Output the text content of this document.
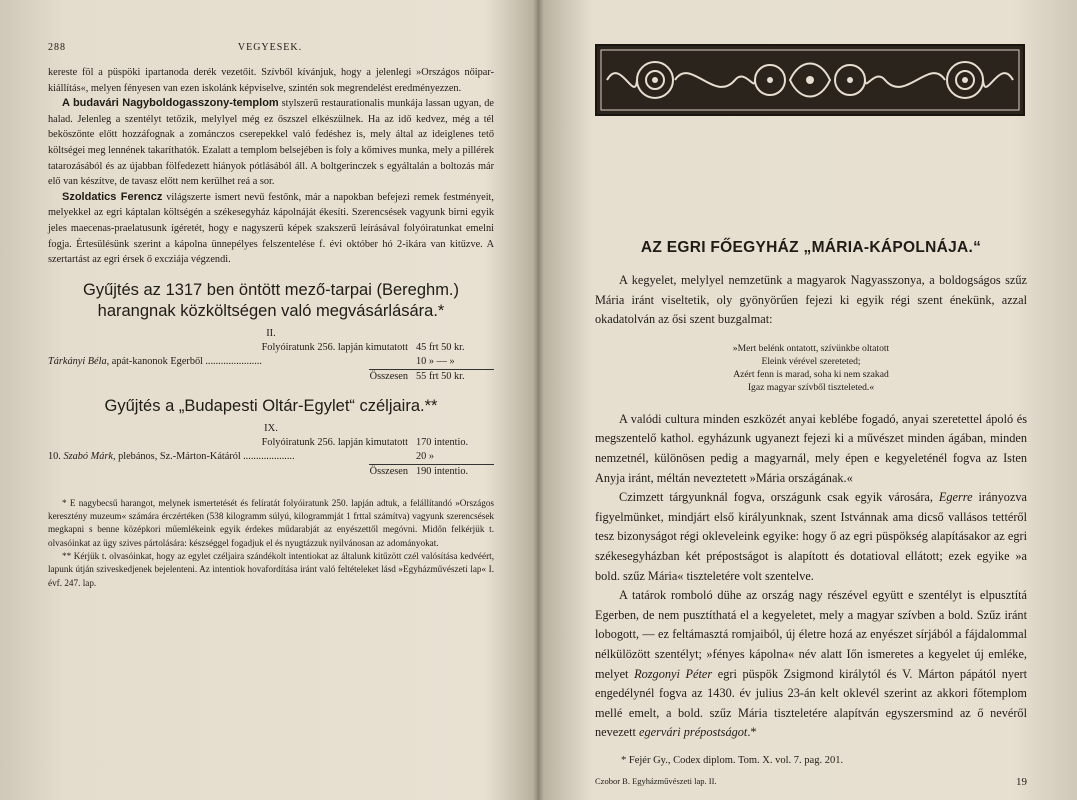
288	VEGYESEK.

kereste föl a püspöki ipartanoda derék vezetőit. Szívből kívánjuk, hogy a jelenlegi »Országos nőipar-kiállítás«, melyen fényesen van ezen iskolánk képviselve, szintén sok megrendelést eredményezzen.

A budavári Nagyboldogasszony-templom stylszerű restaurationalis munkája lassan ugyan, de halad. Jelenleg a szentélyt tetőzik, melylyel még ez őszszel elkészülnek. Ha az idő kedvez, még a tél beköszönte előtt hozzáfognak a zománczos cserepekkel való fedéshez is, mely által az ideiglenes tető költségei meg lennének takaríthatók. Ezalatt a templom belsejében is foly a kőmives munka, mely a pillérek tatarozásából és az újabban fölfedezett hiányok pótlásából áll. A boltgerinczek s egyáltalán a boltozás már elő van készítve, de tavasz előtt nem kerülhet reá a sor.

Szoldatics Ferencz világszerte ismert nevű festőnk, már a napokban befejezi remek festményeit, melyekkel az egri káptalan költségén a székesegyház kápolnáját ékesíti. Szerencsések vagyunk birni egyik jeles maecenas-praelatusunk ígéretét, hogy e nagyszerű képek szakszerű leírásával folyóiratunkat emelni fogja. Értesülésünk szerint a kápolna ünnepélyes felszentelése f. évi október hó 2-ikára van kitűzve. A szertartást az egri érsek ő excziája végzendi.

Gyűjtés az 1317 ben öntött mező-tarpai (Bereghm.) harangnak közköltségen való megvásárlására.*
II.
Folyóiratunk 256. lapján kimutatott 45 frt 50 kr.
Tárkányi Béla, apát-kanonok Egerből ......................	10 » — »
Összesen 55 frt 50 kr.
Gyűjtés a „Budapesti Oltár-Egylet“ czéljaira.**
IX.
Folyóiratunk 256. lapján kimutatott 170 intentio.
10. Szabó Márk, plebános, Sz.-Márton-Kátáról ....................	20 »
Összesen 190 intentio.

* E nagybecsű harangot, melynek ismertetését és felíratát folyóiratunk 250. lapján adtuk, a felállítandó »Országos keresztény muzeum« számára érczértéken (538 kilogramm súlyú, kilogrammját 1 frttal számítva) vagyunk szerencsések megkapni s benne középkori műemlékeink egyik érdekes műdarabját az enyészettől megóvni. Midőn felkérjük t. olvasóinkat az ügy szives pártolására: készséggel fogadjuk el és nyugtázzuk nyilvánosan az adományokat.

** Kérjük t. olvasóinkat, hogy az egylet czéljaira szándékolt intentiokat az általunk kitűzött czél valósítása kedvéért, lapunk útján sziveskedjenek bejelenteni. Az intentiok hovafordítása iránt való feltételeket lásd »Egyházművészeti lap« I. évf. 247. lap.

AZ EGRI FŐEGYHÁZ „MÁRIA-KÁPOLNÁJA.“

A kegyelet, melylyel nemzetünk a magyarok Nagyasszonya, a boldogságos szűz Mária iránt viseltetik, oly gyönyörűen fejezi ki egyik régi szent énekünk, azzal okadatolván az ősi szent buzgalmat:

»Mert belénk ontatott, szívünkbe oltatott
Eleink vérével szereteted;
Azért fenn is marad, soha ki nem szakad
Igaz magyar szívből tiszteleted.«

A valódi cultura minden eszközét anyai keblébe fogadó, anyai szeretettel ápoló és megszentelő kathol. egyházunk ugyanezt fejezi ki a művészet minden ágában, minden nemzetnél, különösen pedig a magyarnál, mely épen e kegyeleténél fogva az Isten Anyja iránt, méltán neveztetett »Mária országának.«

Czimzett tárgyunknál fogva, országunk csak egyik városára, Egerre irányozva figyelmünket, mindjárt első királyunknak, szent Istvánnak ama dicső vallásos tettéről tesz bizonyságot régi okleveleink egyike: hogy ő az egri püspökség alapításakor az egri székesegyházban két prépostságot is alapított és dotatioval ellátott; ezek egyike »a bold. szűz Mária« tiszteletére volt szentelve.

A tatárok romboló dühe az ország nagy részével együtt e szentélyt is elpusztítá Egerben, de nem pusztíthatá el a kegyeletet, mely a magyar szívben a bold. Szűz iránt lobogott, — ez feltámasztá romjaiból, új életre hozá az enyészet sírjából a fájdalommal nélkülözött szentélyt; »fényes kápolna« név alatt Iőn ismeretes a kegyelet új emléke, melyet Rozgonyi Péter egri püspök Zsigmond királytól és V. Márton pápától nyert engedélynél fogva az 1430. év julius 23-án kelt oklevél szerint az akkori főtemplom mellé emelt, a bold. szűz Mária tiszteletére alapítván egyszersmind az ő nevéről nevezett egervári prépostságot.*

* Fejér Gy., Codex diplom. Tom. X. vol. 7. pag. 201.

Czobor B. Egyházművészeti lap. II.	19
